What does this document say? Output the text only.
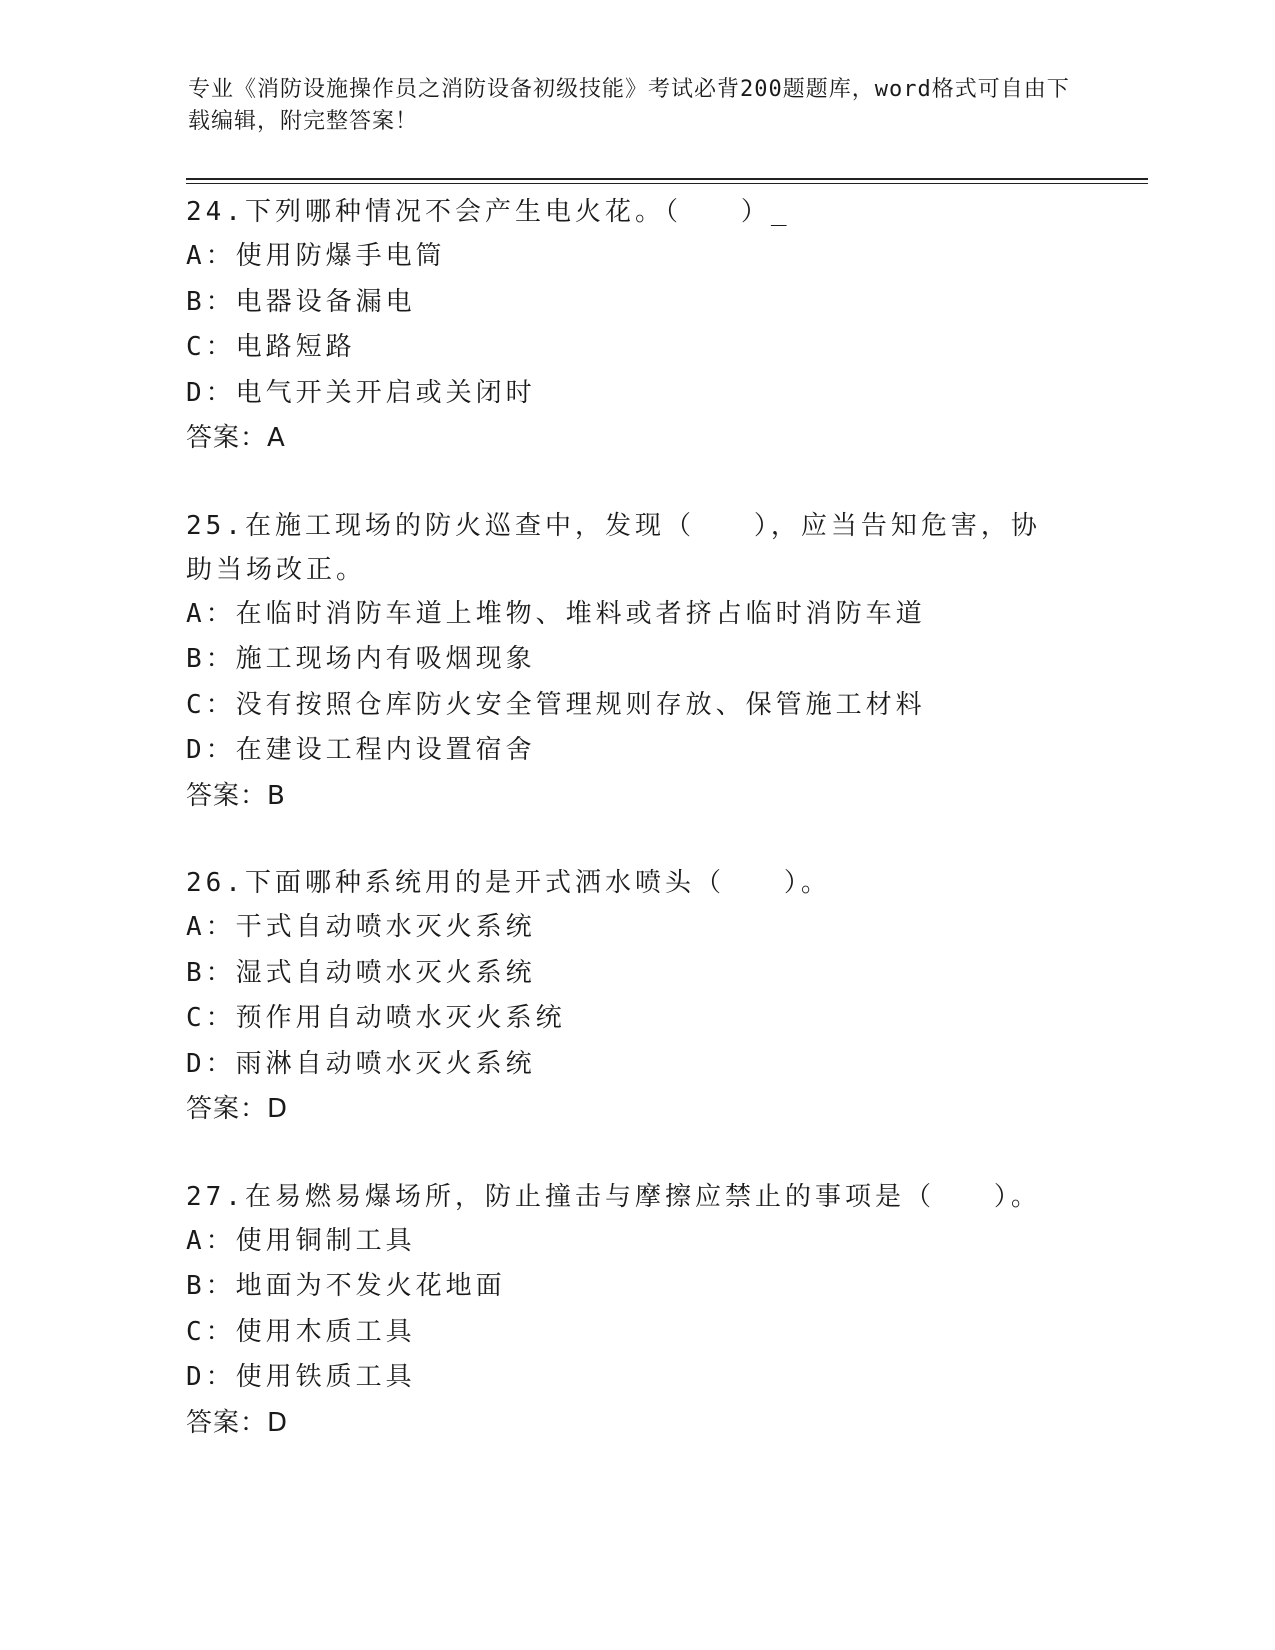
专业《消防设施操作员之消防设备初级技能》考试必背200题题库，word格式可自由下载编辑，附完整答案！
24.下列哪种情况不会产生电火花。（   ）_
A：使用防爆手电筒
B：电器设备漏电
C：电路短路
D：电气开关开启或关闭时
答案：A
25.在施工现场的防火巡查中，发现（   ），应当告知危害，协助当场改正。
A：在临时消防车道上堆物、堆料或者挤占临时消防车道
B：施工现场内有吸烟现象
C：没有按照仓库防火安全管理规则存放、保管施工材料
D：在建设工程内设置宿舍
答案：B
26.下面哪种系统用的是开式洒水喷头（   ）。
A：干式自动喷水灭火系统
B：湿式自动喷水灭火系统
C：预作用自动喷水灭火系统
D：雨淋自动喷水灭火系统
答案：D
27.在易燃易爆场所，防止撞击与摩擦应禁止的事项是（   ）。
A：使用铜制工具
B：地面为不发火花地面
C：使用木质工具
D：使用铁质工具
答案：D
